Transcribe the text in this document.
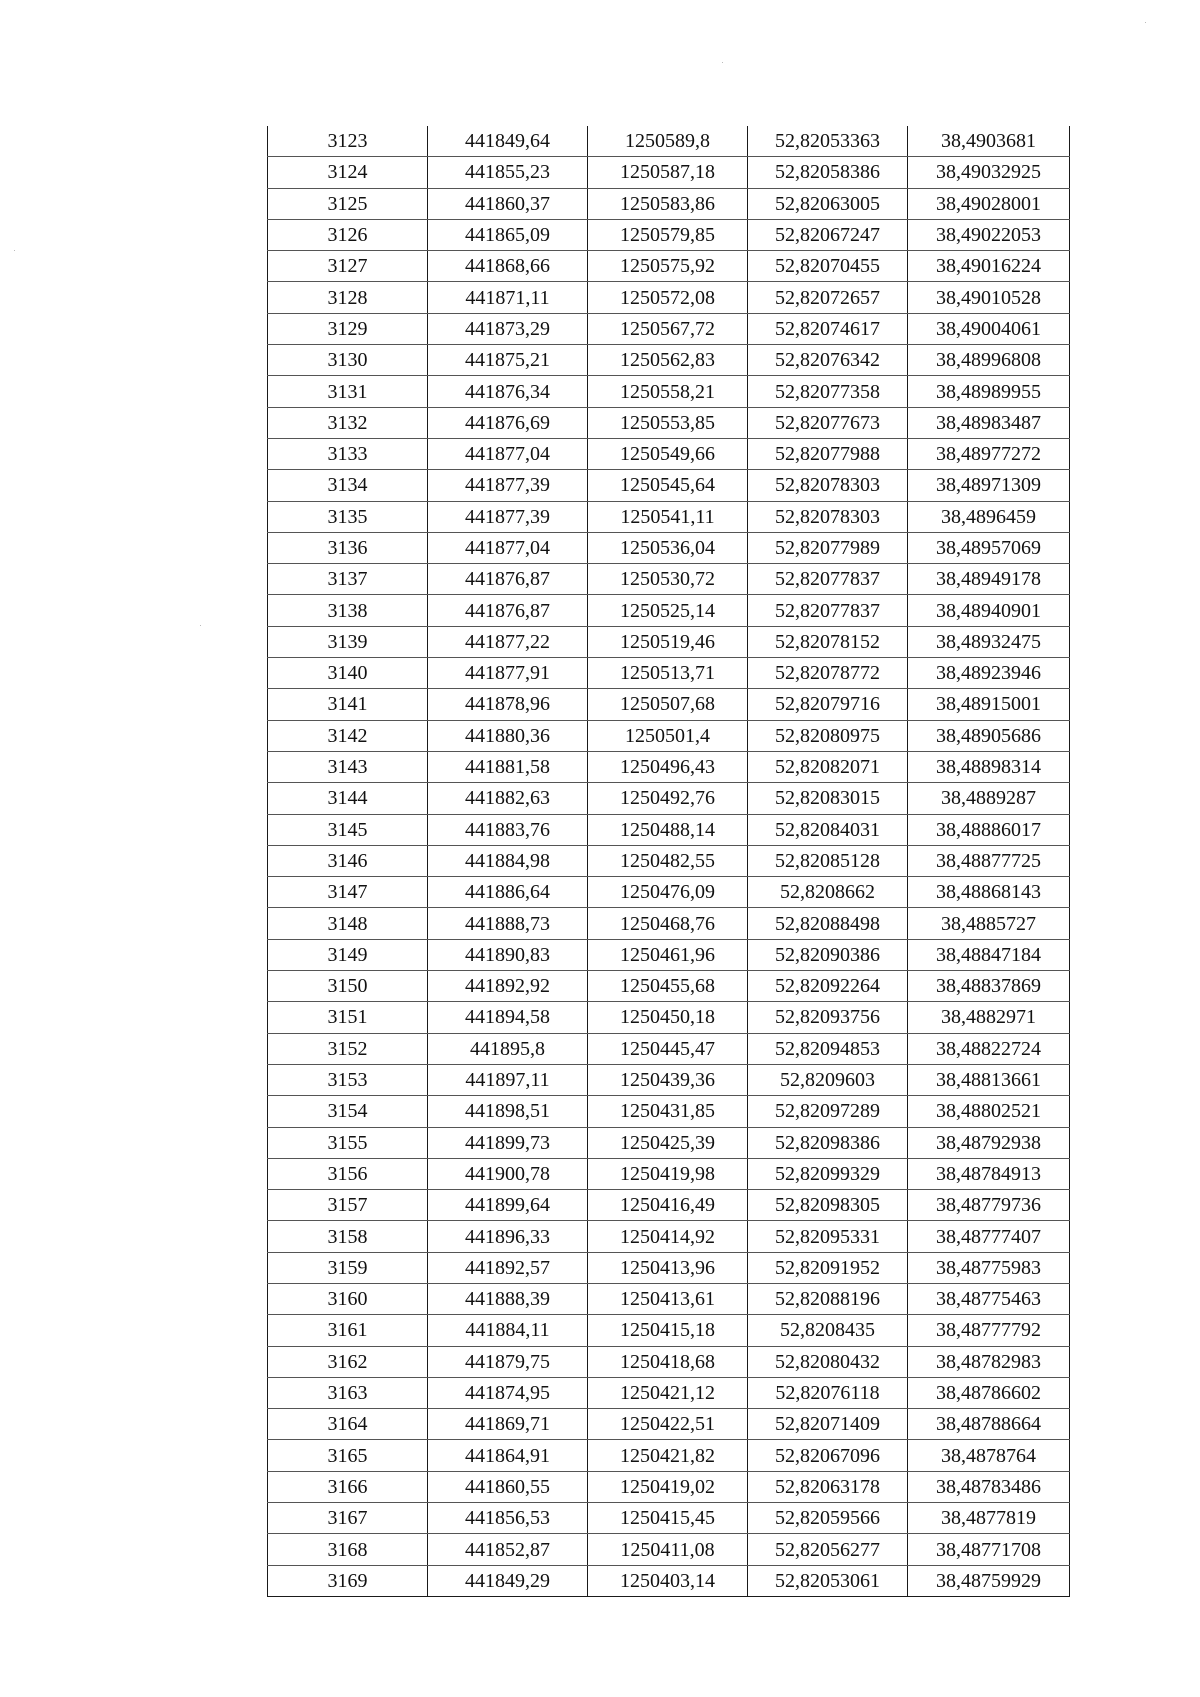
3123	441849,64	1250589,8	52,82053363	38,4903681
3124	441855,23	1250587,18	52,82058386	38,49032925
3125	441860,37	1250583,86	52,82063005	38,49028001
3126	441865,09	1250579,85	52,82067247	38,49022053
3127	441868,66	1250575,92	52,82070455	38,49016224
3128	441871,11	1250572,08	52,82072657	38,49010528
3129	441873,29	1250567,72	52,82074617	38,49004061
3130	441875,21	1250562,83	52,82076342	38,48996808
3131	441876,34	1250558,21	52,82077358	38,48989955
3132	441876,69	1250553,85	52,82077673	38,48983487
3133	441877,04	1250549,66	52,82077988	38,48977272
3134	441877,39	1250545,64	52,82078303	38,48971309
3135	441877,39	1250541,11	52,82078303	38,4896459
3136	441877,04	1250536,04	52,82077989	38,48957069
3137	441876,87	1250530,72	52,82077837	38,48949178
3138	441876,87	1250525,14	52,82077837	38,48940901
3139	441877,22	1250519,46	52,82078152	38,48932475
3140	441877,91	1250513,71	52,82078772	38,48923946
3141	441878,96	1250507,68	52,82079716	38,48915001
3142	441880,36	1250501,4	52,82080975	38,48905686
3143	441881,58	1250496,43	52,82082071	38,48898314
3144	441882,63	1250492,76	52,82083015	38,4889287
3145	441883,76	1250488,14	52,82084031	38,48886017
3146	441884,98	1250482,55	52,82085128	38,48877725
3147	441886,64	1250476,09	52,8208662	38,48868143
3148	441888,73	1250468,76	52,82088498	38,4885727
3149	441890,83	1250461,96	52,82090386	38,48847184
3150	441892,92	1250455,68	52,82092264	38,48837869
3151	441894,58	1250450,18	52,82093756	38,4882971
3152	441895,8	1250445,47	52,82094853	38,48822724
3153	441897,11	1250439,36	52,8209603	38,48813661
3154	441898,51	1250431,85	52,82097289	38,48802521
3155	441899,73	1250425,39	52,82098386	38,48792938
3156	441900,78	1250419,98	52,82099329	38,48784913
3157	441899,64	1250416,49	52,82098305	38,48779736
3158	441896,33	1250414,92	52,82095331	38,48777407
3159	441892,57	1250413,96	52,82091952	38,48775983
3160	441888,39	1250413,61	52,82088196	38,48775463
3161	441884,11	1250415,18	52,8208435	38,48777792
3162	441879,75	1250418,68	52,82080432	38,48782983
3163	441874,95	1250421,12	52,82076118	38,48786602
3164	441869,71	1250422,51	52,82071409	38,48788664
3165	441864,91	1250421,82	52,82067096	38,4878764
3166	441860,55	1250419,02	52,82063178	38,48783486
3167	441856,53	1250415,45	52,82059566	38,4877819
3168	441852,87	1250411,08	52,82056277	38,48771708
3169	441849,29	1250403,14	52,82053061	38,48759929
